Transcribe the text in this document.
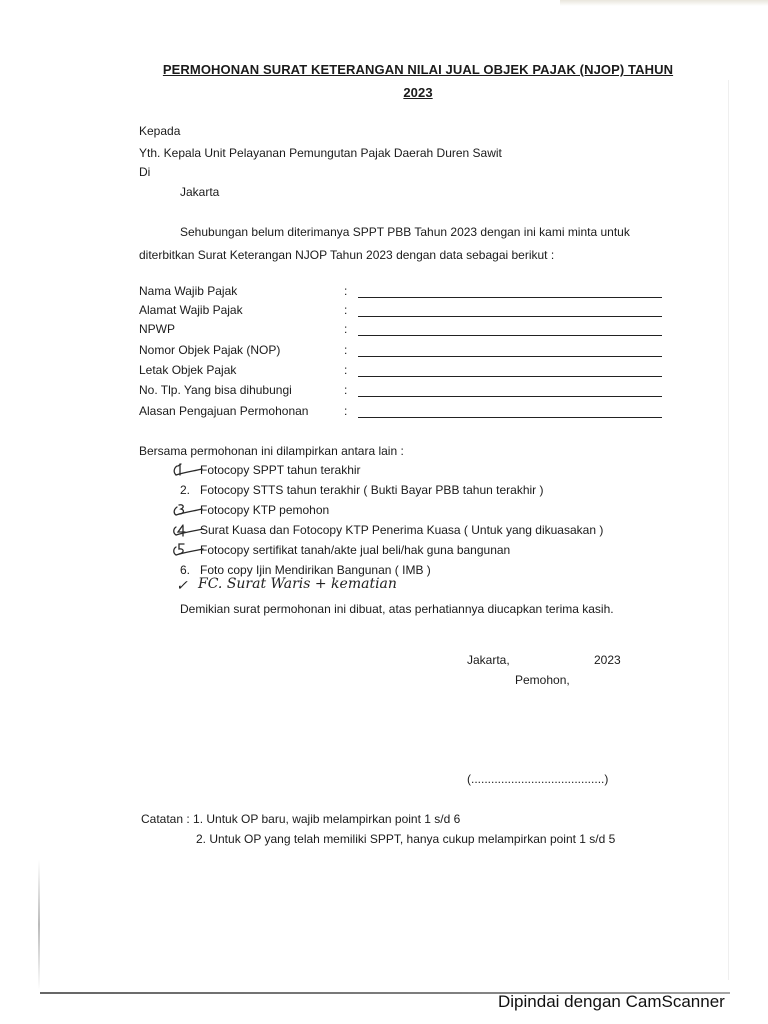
PERMOHONAN SURAT KETERANGAN NILAI JUAL OBJEK PAJAK (NJOP) TAHUN
2023
Kepada
Yth. Kepala Unit Pelayanan Pemungutan Pajak Daerah Duren Sawit
Di
Jakarta
Sehubungan belum diterimanya SPPT PBB Tahun 2023 dengan ini kami minta untuk
diterbitkan Surat Keterangan NJOP Tahun 2023 dengan data sebagai berikut :
Nama Wajib Pajak	:
Alamat Wajib Pajak	:
NPWP	:
Nomor Objek Pajak (NOP)	:
Letak Objek Pajak	:
No. Tlp. Yang bisa dihubungi	:
Alasan Pengajuan Permohonan	:
Bersama permohonan ini dilampirkan antara lain :
Fotocopy SPPT tahun terakhir
2. Fotocopy STTS tahun terakhir ( Bukti Bayar PBB tahun terakhir )
Fotocopy KTP pemohon
Surat Kuasa dan Fotocopy KTP Penerima Kuasa ( Untuk yang dikuasakan )
Fotocopy sertifikat tanah/akte jual beli/hak guna bangunan
6. Foto copy Ijin Mendirikan Bangunan ( IMB )
✓ FC. Surat Waris + kematian
Demikian surat permohonan ini dibuat, atas perhatiannya diucapkan terima kasih.
Jakarta,	2023
Pemohon,
(........................................)
Catatan : 1. Untuk OP baru, wajib melampirkan point 1 s/d 6
2. Untuk OP yang telah memiliki SPPT, hanya cukup melampirkan point 1 s/d 5
Dipindai dengan CamScanner
